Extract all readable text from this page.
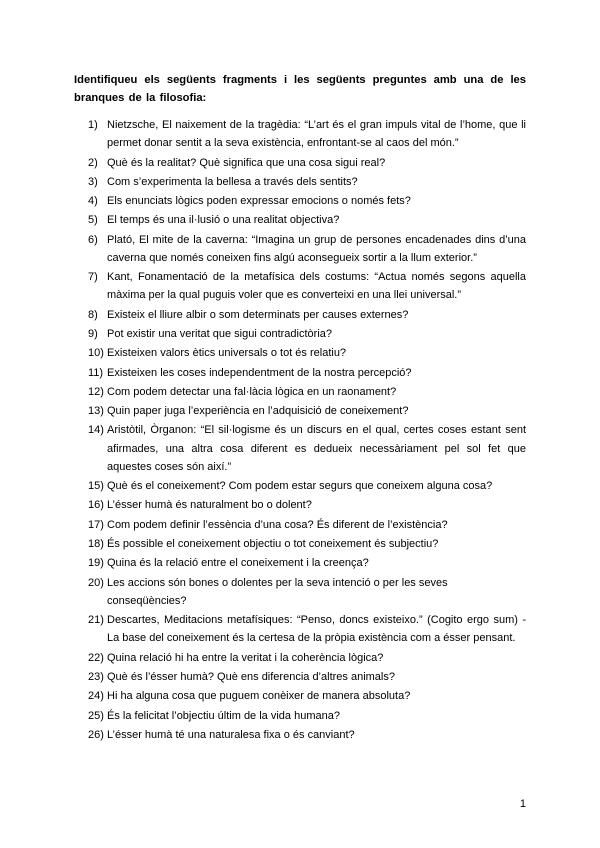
Identifiqueu els següents fragments i les següents preguntes amb una de les branques de la filosofia:
1) Nietzsche, El naixement de la tragèdia: “L’art és el gran impuls vital de l’home, que li permet donar sentit a la seva existència, enfrontant-se al caos del món.”
2) Què és la realitat? Què significa que una cosa sigui real?
3) Com s’experimenta la bellesa a través dels sentits?
4) Els enunciats lògics poden expressar emocions o només fets?
5) El temps és una il·lusió o una realitat objectiva?
6) Plató, El mite de la caverna: “Imagina un grup de persones encadenades dins d’una caverna que només coneixen fins algú aconsegueix sortir a la llum exterior.”
7) Kant, Fonamentació de la metafísica dels costums: “Actua només segons aquella màxima per la qual puguis voler que es converteixi en una llei universal.”
8) Existeix el lliure albir o som determinats per causes externes?
9) Pot existir una veritat que sigui contradictòria?
10) Existeixen valors ètics universals o tot és relatiu?
11) Existeixen les coses independentment de la nostra percepció?
12) Com podem detectar una fal·làcia lògica en un raonament?
13) Quin paper juga l’experiència en l’adquisició de coneixement?
14) Aristòtil, Òrganon: “El sil·logisme és un discurs en el qual, certes coses estant sent afirmades, una altra cosa diferent es dedueix necessàriament pel sol fet que aquestes coses són així.”
15) Què és el coneixement? Com podem estar segurs que coneixem alguna cosa?
16) L’ésser humà és naturalment bo o dolent?
17) Com podem definir l’essència d’una cosa? És diferent de l’existència?
18) És possible el coneixement objectiu o tot coneixement és subjectiu?
19) Quina és la relació entre el coneixement i la creença?
20) Les accions són bones o dolentes per la seva intenció o per les seves conseqüències?
21) Descartes, Meditacions metafísiques: “Penso, doncs existeixo.” (Cogito ergo sum) - La base del coneixement és la certesa de la pròpia existència com a ésser pensant.
22) Quina relació hi ha entre la veritat i la coherència lògica?
23) Què és l’ésser humà? Què ens diferencia d’altres animals?
24) Hi ha alguna cosa que puguem conèixer de manera absoluta?
25) És la felicitat l’objectiu últim de la vida humana?
26) L’ésser humà té una naturalesa fixa o és canviant?
1
